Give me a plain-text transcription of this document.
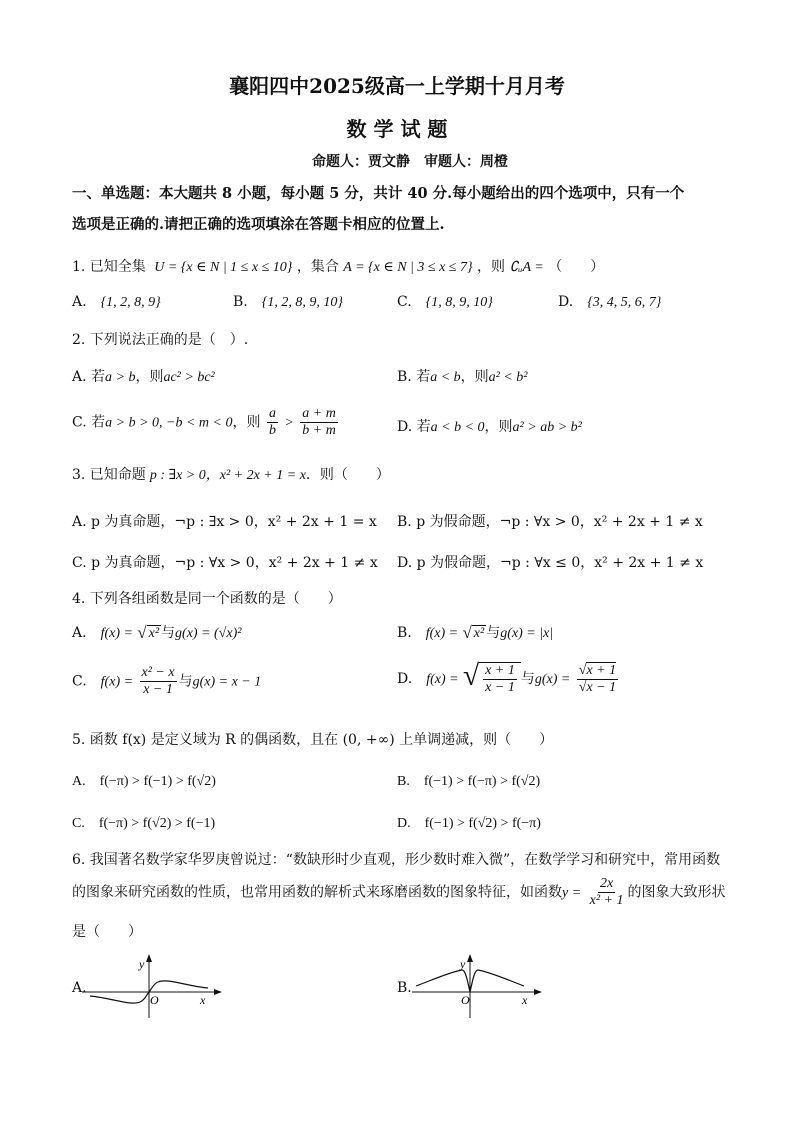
襄阳四中2025级高一上学期十月月考
数 学 试 题
命题人：贾文静　审题人：周橙
一、单选题：本大题共 8 小题，每小题 5 分，共计 40 分.每小题给出的四个选项中，只有一个
选项是正确的.请把正确的选项填涂在答题卡相应的位置上.
1. 已知全集 U = {x ∈ N | 1 ≤ x ≤ 10} ，集合 A = {x ∈ N | 3 ≤ x ≤ 7} ，则 ∁ᵤA = （　　）
A.　 {1, 2, 8, 9}	B.　 {1, 2, 8, 9, 10}	C.　 {1, 8, 9, 10}	D.　 {3, 4, 5, 6, 7}
2. 下列说法正确的是（　）.
A. 若a > b，则ac² > bc²	B. 若a < b，则a² < b²
C. 若a > b > 0, −b < m < 0，则 $\frac{a}{b} > \frac{a + m}{b + m}$	D. 若a < b < 0，则a² > ab > b²
3. 已知命题 p : ∃x > 0，x² + 2x + 1 = x．则（　　）
A. p 为真命题，¬p : ∃x > 0，x² + 2x + 1 = x B. p 为假命题，¬p : ∀x > 0，x² + 2x + 1 ≠ x
C. p 为真命题，¬p : ∀x > 0，x² + 2x + 1 ≠ x D. p 为假命题，¬p : ∀x ≤ 0，x² + 2x + 1 ≠ x
4. 下列各组函数是同一个函数的是（　　）
A.　 f(x) = √ x² 与g(x) = (√x)²	B.　 f(x) = √ x² 与g(x) = |x|
C.　 $f(x) = \frac{\text{x² − x}}{x - 1}$ 与g(x) = x − 1	D.　 f(x) = √ $\frac{x + 1}{x - 1}$ 与$g(x) = \frac{√x + 1}{√x - 1}$
5. 函数 f(x) 是定义域为 R 的偶函数，且在 (0, +∞) 上单调递减，则（　　）
A.　f(−π) > f(−1) > f(√2)	B.　f(−1) > f(−π) > f(√2)
C.　f(−π) > f(√2) > f(−1)	D.　f(−1) > f(√2) > f(−π)
6. 我国著名数学家华罗庚曾说过：“数缺形时少直观，形少数时难入微”，在数学学习和研究中，常用函数
的图象来研究函数的性质，也常用函数的解析式来琢磨函数的图象特征，如函数$y = \frac{2x}{\text{x² + 1}}$ 的图象大致形状
是（　　）
A.
y
x
O
B.
y
x
O
